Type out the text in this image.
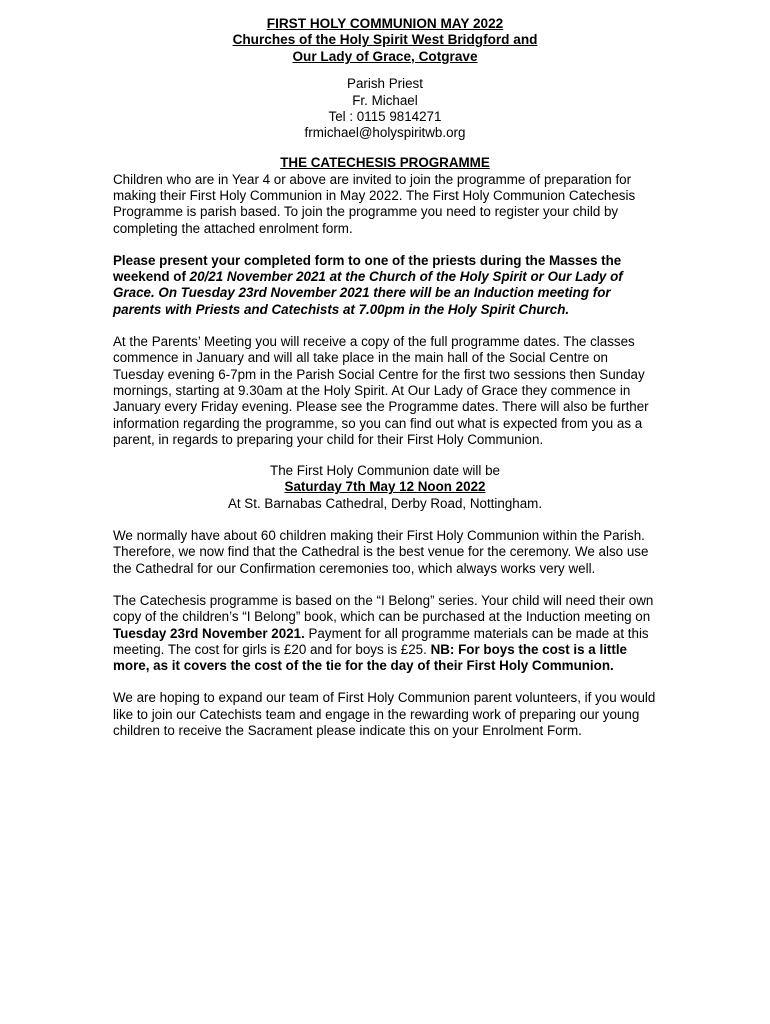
FIRST HOLY COMMUNION MAY 2022
Churches of the Holy Spirit West Bridgford and
Our Lady of Grace, Cotgrave
Parish Priest
Fr. Michael
Tel : 0115 9814271
frmichael@holyspiritwb.org
THE CATECHESIS PROGRAMME

Children who are in Year 4 or above are invited to join the programme of preparation for making their First Holy Communion in May 2022. The First Holy Communion Catechesis Programme is parish based. To join the programme you need to register your child by completing the attached enrolment form.

Please present your completed form to one of the priests during the Masses the weekend of 20/21 November 2021 at the Church of the Holy Spirit or Our Lady of Grace. On Tuesday 23rd November 2021 there will be an Induction meeting for parents with Priests and Catechists at 7.00pm in the Holy Spirit Church.

At the Parents’ Meeting you will receive a copy of the full programme dates. The classes commence in January and will all take place in the main hall of the Social Centre on Tuesday evening 6-7pm in the Parish Social Centre for the first two sessions then Sunday mornings, starting at 9.30am at the Holy Spirit. At Our Lady of Grace they commence in January every Friday evening. Please see the Programme dates. There will also be further information regarding the programme, so you can find out what is expected from you as a parent, in regards to preparing your child for their First Holy Communion.

The First Holy Communion date will be
Saturday 7th May 12 Noon 2022
At St. Barnabas Cathedral, Derby Road, Nottingham.

We normally have about 60 children making their First Holy Communion within the Parish. Therefore, we now find that the Cathedral is the best venue for the ceremony. We also use the Cathedral for our Confirmation ceremonies too, which always works very well.

The Catechesis programme is based on the “I Belong” series. Your child will need their own copy of the children’s “I Belong” book, which can be purchased at the Induction meeting on Tuesday 23rd November 2021. Payment for all programme materials can be made at this meeting. The cost for girls is £20 and for boys is £25. NB: For boys the cost is a little more, as it covers the cost of the tie for the day of their First Holy Communion.

We are hoping to expand our team of First Holy Communion parent volunteers, if you would like to join our Catechists team and engage in the rewarding work of preparing our young children to receive the Sacrament please indicate this on your Enrolment Form.
